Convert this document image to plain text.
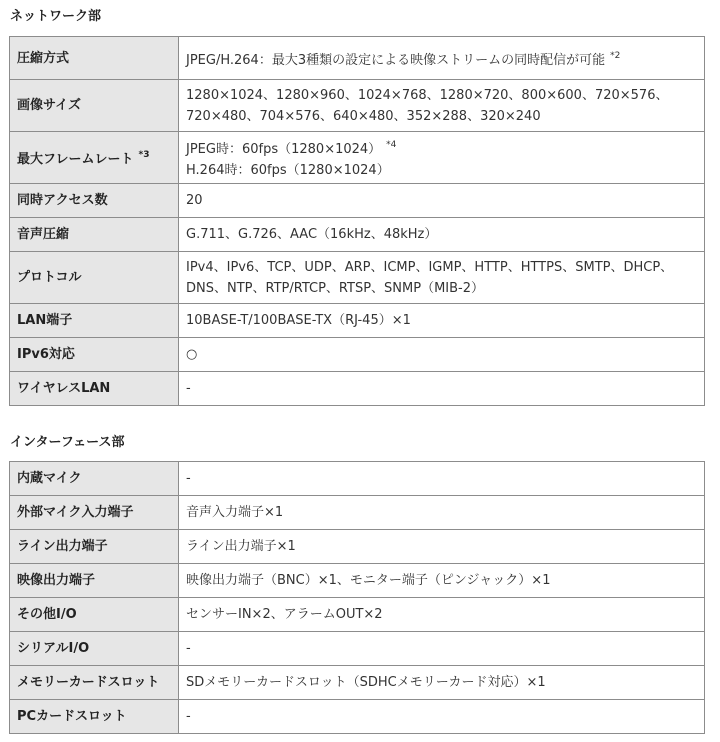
ネットワーク部
圧縮方式	JPEG/H.264：最大3種類の設定による映像ストリームの同時配信が可能 $^{*2}$

画像サイズ	1280×1024、1280×960、1024×768、1280×720、800×600、720×576、
720×480、704×576、640×480、352×288、320×240

最大フレームレート $^{*3}$	JPEG時：60fps（1280×1024） $^{*4}$
H.264時：60fps（1280×1024）

同時アクセス数	20

音声圧縮	G.711、G.726、AAC（16kHz、48kHz）

プロトコル	IPv4、IPv6、TCP、UDP、ARP、ICMP、IGMP、HTTP、HTTPS、SMTP、DHCP、
DNS、NTP、RTP/RTCP、RTSP、SNMP（MIB-2）

LAN端子	10BASE-T/100BASE-TX（RJ-45）×1

IPv6対応	○

ワイヤレスLAN	-
インターフェース部
内蔵マイク	-

外部マイク入力端子	音声入力端子×1

ライン出力端子	ライン出力端子×1

映像出力端子	映像出力端子（BNC）×1、モニター端子（ピンジャック）×1

その他I/O	センサーIN×2、アラームOUT×2

シリアルI/O	-

メモリーカードスロット	SDメモリーカードスロット（SDHCメモリーカード対応）×1

PCカードスロット	-
